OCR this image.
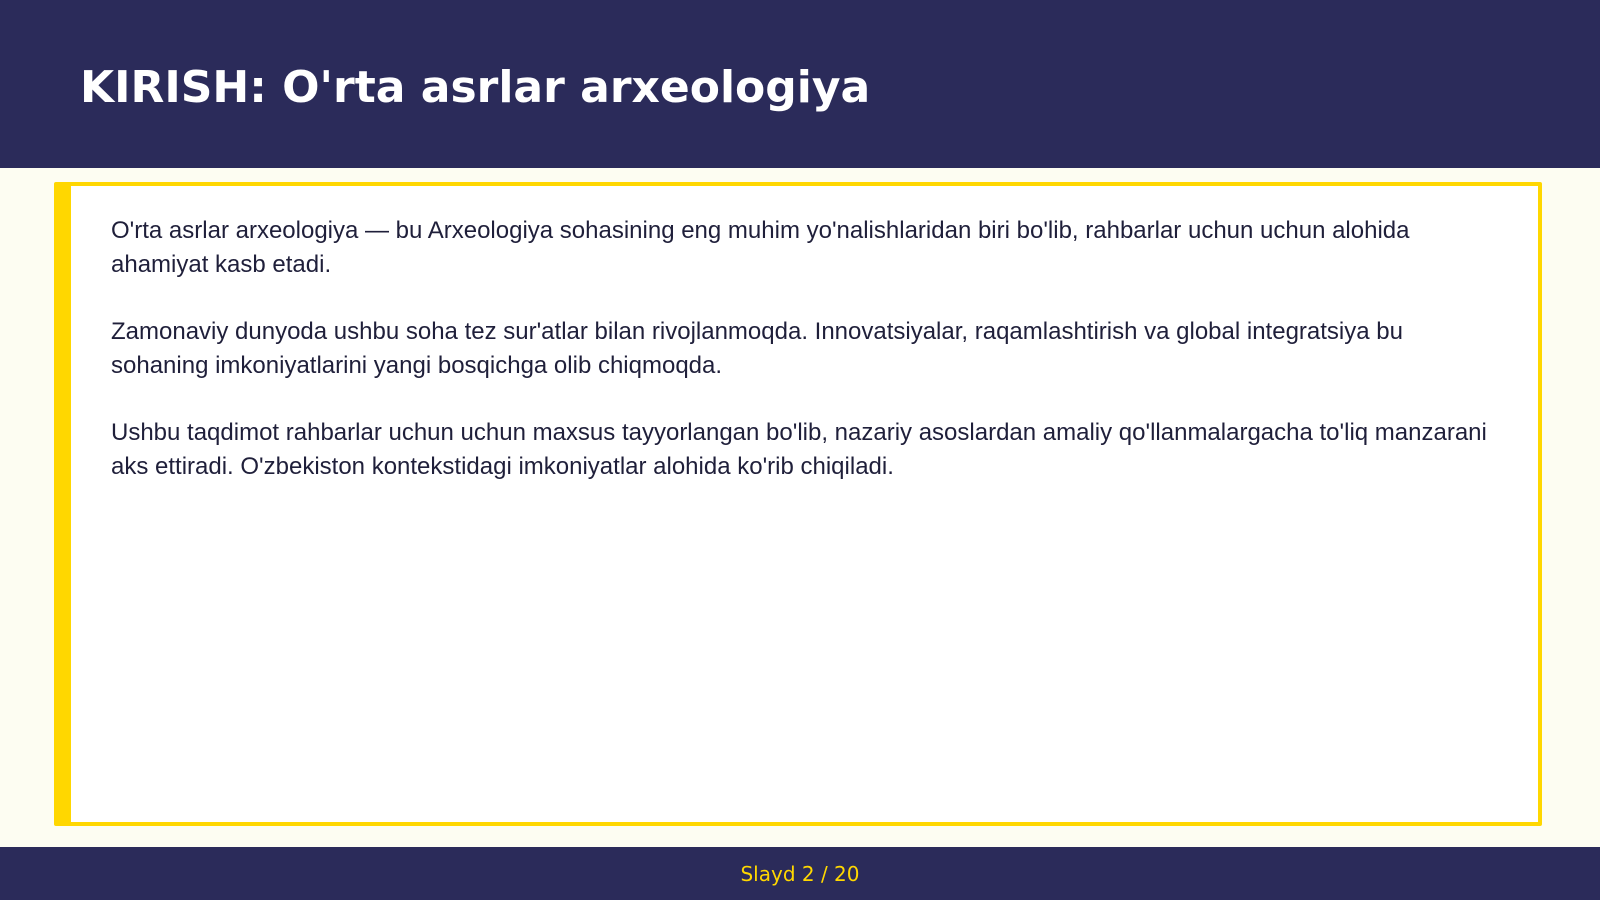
KIRISH: O'rta asrlar arxeologiya

O'rta asrlar arxeologiya — bu Arxeologiya sohasining eng muhim yo'nalishlaridan biri bo'lib, rahbarlar uchun uchun alohida ahamiyat kasb etadi.

Zamonaviy dunyoda ushbu soha tez sur'atlar bilan rivojlanmoqda. Innovatsiyalar, raqamlashtirish va global integratsiya bu sohaning imkoniyatlarini yangi bosqichga olib chiqmoqda.

Ushbu taqdimot rahbarlar uchun uchun maxsus tayyorlangan bo'lib, nazariy asoslardan amaliy qo'llanmalargacha to'liq manzarani aks ettiradi. O'zbekiston kontekstidagi imkoniyatlar alohida ko'rib chiqiladi.

Slayd 2 / 20
